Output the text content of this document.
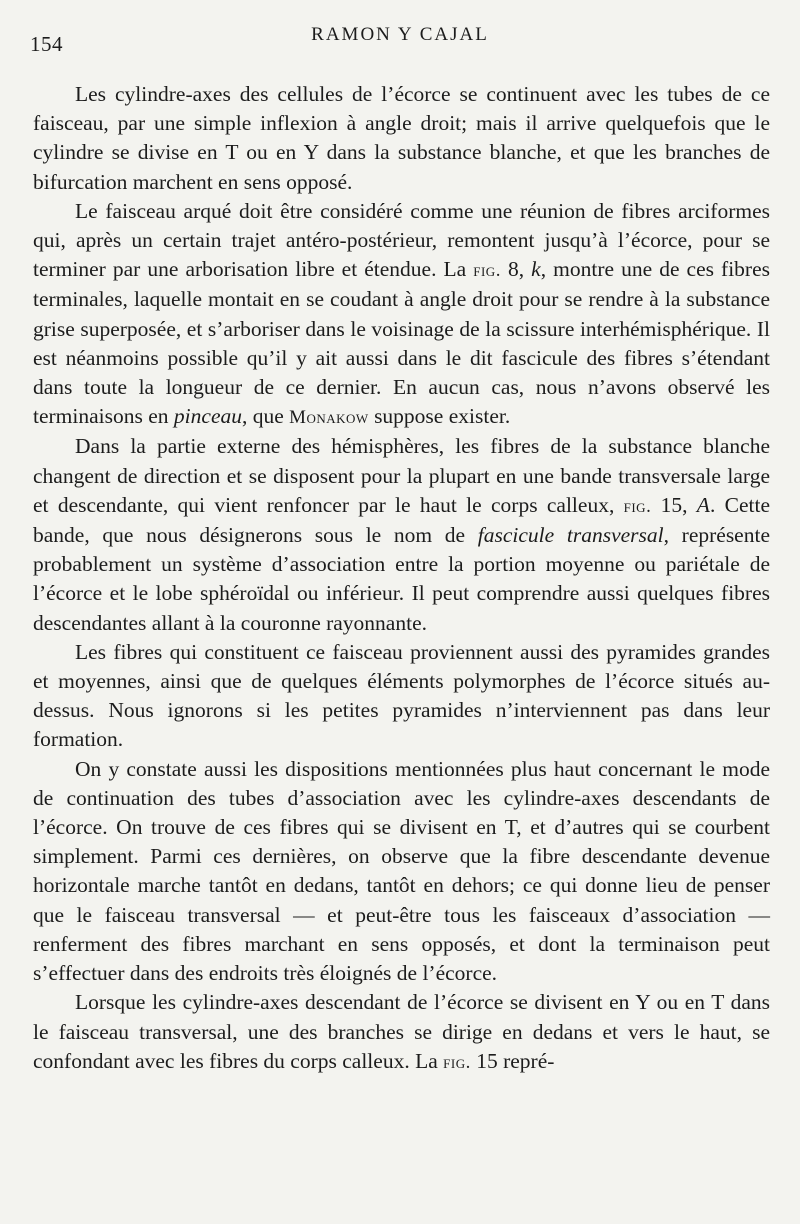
154	RAMON Y CAJAL

Les cylindre-axes des cellules de l’écorce se continuent avec les tubes de ce faisceau, par une simple inflexion à angle droit; mais il arrive quelquefois que le cylindre se divise en T ou en Y dans la substance blanche, et que les branches de bifurcation marchent en sens opposé.

Le faisceau arqué doit être considéré comme une réunion de fibres arciformes qui, après un certain trajet antéro-postérieur, remontent jusqu’à l’écorce, pour se terminer par une arborisation libre et étendue. La fig. 8, k, montre une de ces fibres terminales, laquelle montait en se coudant à angle droit pour se rendre à la substance grise superposée, et s’arboriser dans le voisinage de la scissure interhémisphérique. Il est néanmoins possible qu’il y ait aussi dans le dit fascicule des fibres s’étendant dans toute la longueur de ce dernier. En aucun cas, nous n’avons observé les terminaisons en pinceau, que Monakow suppose exister.

Dans la partie externe des hémisphères, les fibres de la substance blanche changent de direction et se disposent pour la plupart en une bande transversale large et descendante, qui vient renfoncer par le haut le corps calleux, fig. 15, A. Cette bande, que nous désignerons sous le nom de fascicule transversal, représente probablement un système d’association entre la portion moyenne ou pariétale de l’écorce et le lobe sphéroïdal ou inférieur. Il peut comprendre aussi quelques fibres descendantes allant à la couronne rayonnante.

Les fibres qui constituent ce faisceau proviennent aussi des pyramides grandes et moyennes, ainsi que de quelques éléments polymorphes de l’écorce situés au-dessus. Nous ignorons si les petites pyramides n’interviennent pas dans leur formation.

On y constate aussi les dispositions mentionnées plus haut concernant le mode de continuation des tubes d’association avec les cylindre-axes descendants de l’écorce. On trouve de ces fibres qui se divisent en T, et d’autres qui se courbent simplement. Parmi ces dernières, on observe que la fibre descendante devenue horizontale marche tantôt en dedans, tantôt en dehors; ce qui donne lieu de penser que le faisceau transversal — et peut-être tous les faisceaux d’association — renferment des fibres marchant en sens opposés, et dont la terminaison peut s’effectuer dans des endroits très éloignés de l’écorce.

Lorsque les cylindre-axes descendant de l’écorce se divisent en Y ou en T dans le faisceau transversal, une des branches se dirige en dedans et vers le haut, se confondant avec les fibres du corps calleux. La fig. 15 repré-
